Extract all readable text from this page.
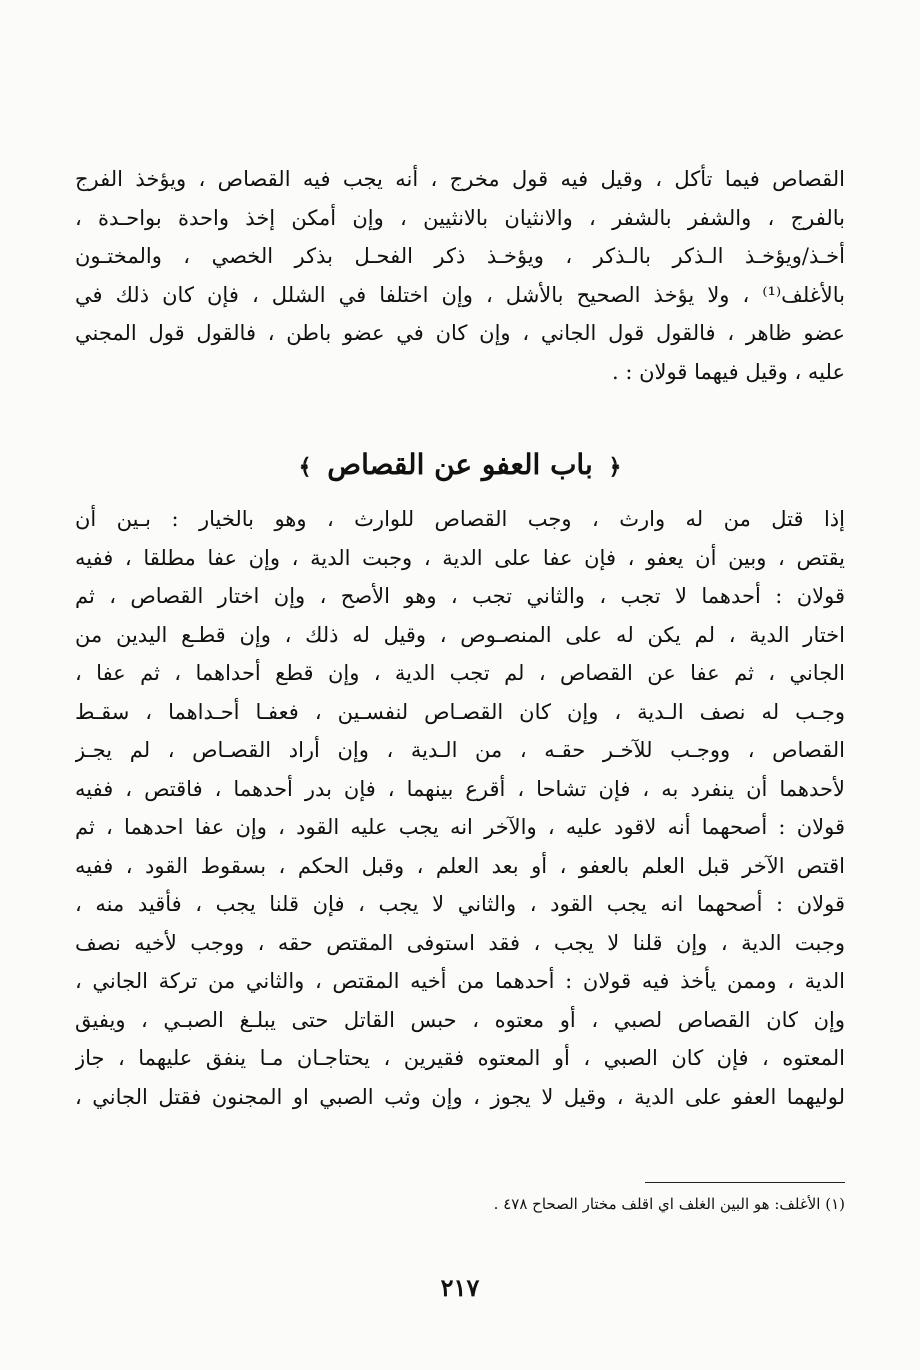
القصاص فيما تأكل ، وقيل فيه قول مخرج ، أنه يجب فيه القصاص ، ويؤخذ الفرج
بالفرج ، والشفر بالشفر ، والانثيان بالانثيين ، وإن أمكن إخذ واحدة بواحـدة ،
أخـذ/ويؤخـذ الـذكر بالـذكر ، ويؤخـذ ذكر الفحـل بذكر الخصي ، والمختـون
بالأغلف⁽¹⁾ ، ولا يؤخذ الصحيح بالأشل ، وإن اختلفا في الشلل ، فإن كان ذلك في
عضو ظاهر ، فالقول قول الجاني ، وإن كان في عضو باطن ، فالقول قول المجني
عليه ، وقيل فيهما قولان : .
﴿ باب العفو عن القصاص ﴾
إذا قتل من له وارث ، وجب القصاص للوارث ، وهو بالخيار : بـين أن
يقتص ، وبين أن يعفو ، فإن عفا على الدية ، وجبت الدية ، وإن عفا مطلقا ، ففيه
قولان : أحدهما لا تجب ، والثاني تجب ، وهو الأصح ، وإن اختار القصاص ، ثم
اختار الدية ، لم يكن له على المنصـوص ، وقيل له ذلك ، وإن قطـع اليدين من
الجاني ، ثم عفا عن القصاص ، لم تجب الدية ، وإن قطع أحداهما ، ثم عفا ،
وجـب له نصف الـدية ، وإن كان القصـاص لنفسـين ، فعفـا أحـداهما ، سقـط
القصاص ، ووجـب للآخـر حقـه ، من الـدية ، وإن أراد القصـاص ، لم يجـز
لأحدهما أن ينفرد به ، فإن تشاحا ، أقرع بينهما ، فإن بدر أحدهما ، فاقتص ، ففيه
قولان : أصحهما أنه لاقود عليه ، والآخر انه يجب عليه القود ، وإن عفا احدهما ، ثم
اقتص الآخر قبل العلم بالعفو ، أو بعد العلم ، وقبل الحكم ، بسقوط القود ، ففيه
قولان : أصحهما انه يجب القود ، والثاني لا يجب ، فإن قلنا يجب ، فأقيد منه ،
وجبت الدية ، وإن قلنا لا يجب ، فقد استوفى المقتص حقه ، ووجب لأخيه نصف
الدية ، وممن يأخذ فيه قولان : أحدهما من أخيه المقتص ، والثاني من تركة الجاني ،
وإن كان القصاص لصبي ، أو معتوه ، حبس القاتل حتى يبلـغ الصبـي ، ويفيق
المعتوه ، فإن كان الصبي ، أو المعتوه فقيرين ، يحتاجـان مـا ينفق عليهما ، جاز
لوليهما العفو على الدية ، وقيل لا يجوز ، وإن وثب الصبي او المجنون فقتل الجاني ،
(١) الأغلف: هو البين الغلف اي اقلف مختار الصحاح ٤٧٨ .
٢١٧
